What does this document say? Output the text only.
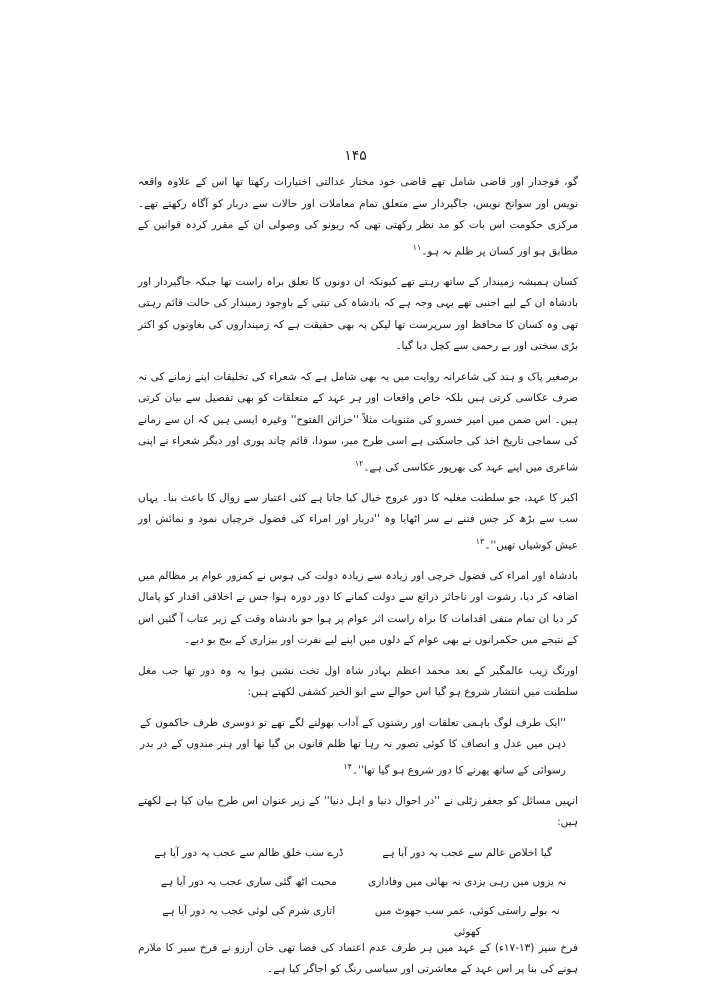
۱۴۵

گو، فوجدار اور قاضی شامل تھے قاضی خود مختار عدالتی اختیارات رکھتا تھا اس کے علاوہ واقعہ نویس اور سوانح نویس، جاگیردار سے متعلق تمام معاملات اور حالات سے دربار کو آگاہ رکھتے تھے۔ مرکزی حکومت اس بات کو مد نظر رکھتی تھی کہ ریونو کی وصولی ان کے مقرر کردہ قوانین کے مطابق ہو اور کسان پر ظلم نہ ہو۔$^{۱۱}$

کسان ہمیشہ زمیندار کے ساتھ رہتے تھے کیونکہ ان دونوں کا تعلق براہ راست تھا جبکہ جاگیردار اور بادشاہ ان کے لیے اجنبی تھے یہی وجہ ہے کہ بادشاہ کی تبتی کے باوجود زمیندار کی حالت قائم رہتی تھی وہ کسان کا محافظ اور سرپرست تھا لیکن یہ بھی حقیقت ہے کہ زمینداروں کی بغاوتوں کو اکثر بڑی سختی اور بے رحمی سے کچل دیا گیا۔

برصغیر پاک و ہند کی شاعرانہ روایت میں یہ بھی شامل ہے کہ شعراء کی تخلیقات اپنے زمانے کی نہ صرف عکاسی کرتی ہیں بلکہ خاص واقعات اور ہر عہد کے متعلقات کو بھی تفصیل سے بیان کرتی ہیں۔ اس ضمن میں امیر خسرو کی مثنویات مثلاً ''خزائن الفتوح'' وغیرہ ایسی ہیں کہ ان سے زمانے کی سماجی تاریخ اخذ کی جاسکتی ہے اسی طرح میر، سودا، قائم چاند پوری اور دیگر شعراء نے اپنی شاعری میں اپنے عہد کی بھرپور عکاسی کی ہے۔$^{۱۲}$

اکبر کا عہد، جو سلطنت مغلیہ کا دور عروج خیال کیا جاتا ہے کئی اعتبار سے زوال کا باعث بنا۔ یہاں سب سے بڑھ کر جس فتنے نے سر اٹھایا وہ ''دربار اور امراء کی فضول خرچیاں نمود و نمائش اور عیش کوشیاں تھیں''۔$^{۱۳}$

بادشاہ اور امراء کی فضول خرچی اور زیادہ سے زیادہ دولت کی ہوس نے کمزور عوام پر مظالم میں اضافہ کر دیا، رشوت اور ناجائز ذرائع سے دولت کمانے کا دور دورہ ہوا جس نے اخلاقی اقدار کو پامال کر دیا ان تمام منفی اقدامات کا براہ راست اثر عوام پر ہوا جو بادشاہ وقت کے زیر عتاب آ گئیں اس کے نتیجے میں حکمرانوں نے بھی عوام کے دلوں میں اپنے لیے نفرت اور بیزاری کے بیج بو دیے۔

اورنگ زیب عالمگیر کے بعد محمد اعظم بہادر شاہ اول تخت نشین ہوا یہ وہ دور تھا جب مغل سلطنت میں انتشار شروع ہو گیا اس حوالے سے ابو الخیر کشفی لکھتے ہیں:

''ایک طرف لوگ باہمی تعلقات اور رشتوں کے آداب بھولنے لگے تھے تو دوسری طرف حاکموں کے ذہن میں عدل و انصاف کا کوئی تصور نہ رہا تھا ظلم قانون بن گیا تھا اور ہنر مندوں کے در بدر رسوائی کے ساتھ پھرنے کا دور شروع ہو گیا تھا''۔$^{۱۴}$

انہیں مسائل کو جعفر زٹلی نے ''در احوال دنیا و اہل دنیا'' کے زیر عنوان اس طرح بیان کیا ہے لکھتے ہیں:

گیا اخلاص عالم سے عجب یہ دور آیا ہے
ڈرے سب خلق ظالم سے عجب یہ دور آیا ہے
نہ یزوں میں رہی یزدی نہ بھائی میں وفاداری
محبت اٹھ گئی ساری عجب یہ دور آیا ہے
نہ بولے راستی کوئی، عمر سب جھوٹ میں کھوئی
اتاری شرم کی لوئی عجب یہ دور آیا ہے

فرخ سیر (۱۳-۱۷ء) کے عہد میں ہر طرف عدم اعتماد کی فضا تھی خان آرزو نے فرخ سیر کا ملازم ہونے کی بنا پر اس عہد کے معاشرتی اور سیاسی رنگ کو اجاگر کیا ہے۔
